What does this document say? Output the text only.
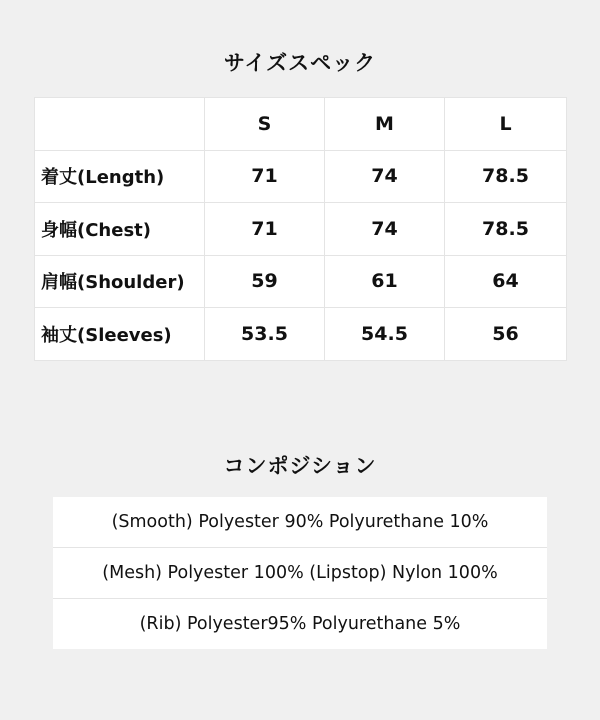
サイズスペック
	S	M	L
着丈(Length)	71	74	78.5
身幅(Chest)	71	74	78.5
肩幅(Shoulder)	59	61	64
袖丈(Sleeves)	53.5	54.5	56
コンポジション
(Smooth) Polyester 90% Polyurethane 10%
(Mesh) Polyester 100% (Lipstop) Nylon 100%
(Rib) Polyester95% Polyurethane 5%
